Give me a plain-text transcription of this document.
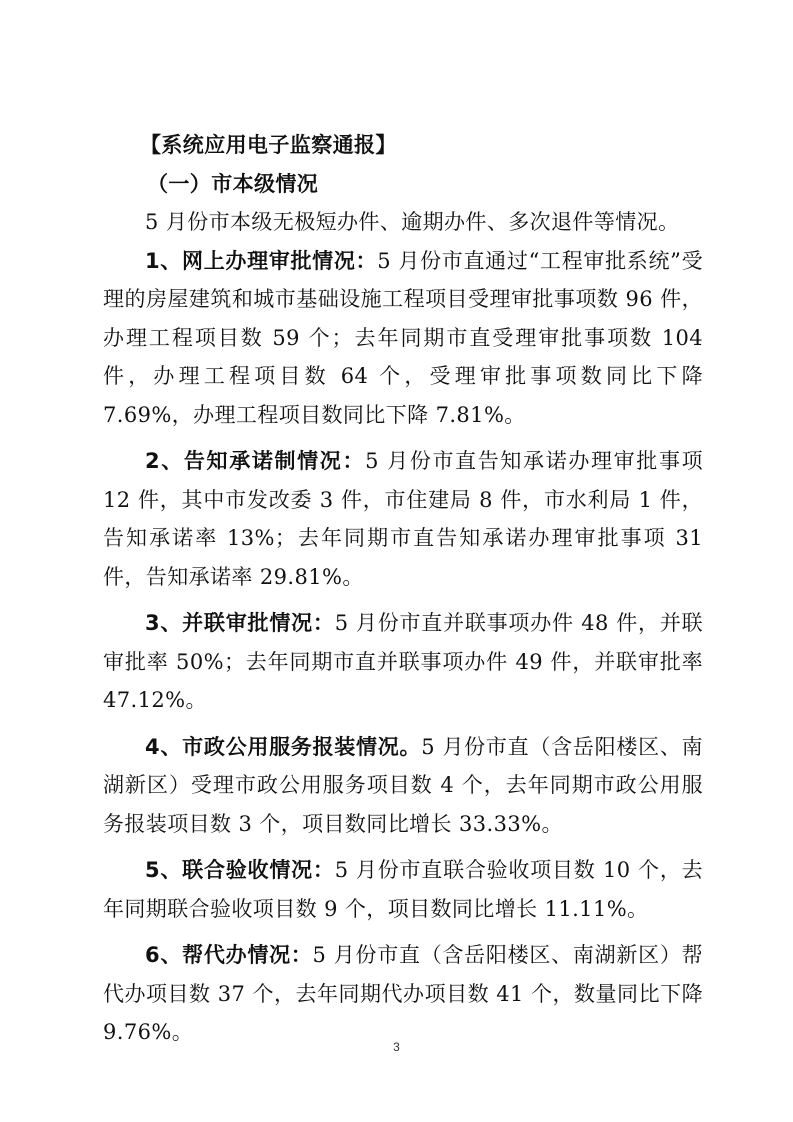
【系统应用电子监察通报】

（一）市本级情况

5 月份市本级无极短办件、逾期办件、多次退件等情况。

1、网上办理审批情况：5 月份市直通过“工程审批系统”受理的房屋建筑和城市基础设施工程项目受理审批事项数 96 件，办理工程项目数 59 个；去年同期市直受理审批事项数 104 件，办理工程项目数 64 个，受理审批事项数同比下降 7.69%，办理工程项目数同比下降 7.81%。

2、告知承诺制情况：5 月份市直告知承诺办理审批事项 12 件，其中市发改委 3 件，市住建局 8 件，市水利局 1 件，告知承诺率 13%；去年同期市直告知承诺办理审批事项 31 件，告知承诺率 29.81%。

3、并联审批情况：5 月份市直并联事项办件 48 件，并联审批率 50%；去年同期市直并联事项办件 49 件，并联审批率 47.12%。

4、市政公用服务报装情况。5 月份市直（含岳阳楼区、南湖新区）受理市政公用服务项目数 4 个，去年同期市政公用服务报装项目数 3 个，项目数同比增长 33.33%。

5、联合验收情况：5 月份市直联合验收项目数 10 个，去年同期联合验收项目数 9 个，项目数同比增长 11.11%。

6、帮代办情况：5 月份市直（含岳阳楼区、南湖新区）帮代办项目数 37 个，去年同期代办项目数 41 个，数量同比下降 9.76%。

3
